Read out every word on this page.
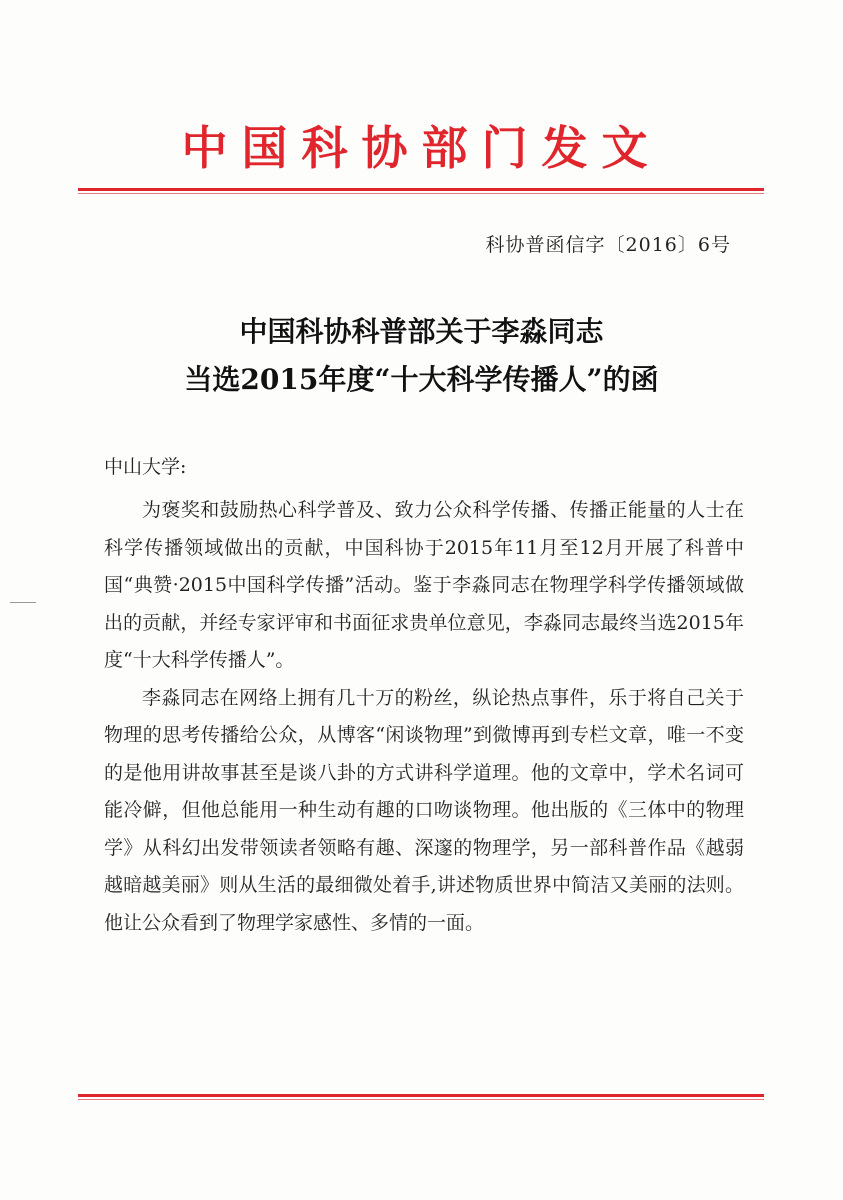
中国科协部门发文
科协普函信字〔2016〕6号
中国科协科普部关于李淼同志
当选2015年度“十大科学传播人”的函
中山大学:

为褒奖和鼓励热心科学普及、致力公众科学传播、传播正能量的人士在科学传播领域做出的贡献，中国科协于2015年11月至12月开展了科普中国“典赞·2015中国科学传播”活动。鉴于李淼同志在物理学科学传播领域做出的贡献，并经专家评审和书面征求贵单位意见，李淼同志最终当选2015年度“十大科学传播人”。

李淼同志在网络上拥有几十万的粉丝，纵论热点事件，乐于将自己关于物理的思考传播给公众，从博客“闲谈物理”到微博再到专栏文章，唯一不变的是他用讲故事甚至是谈八卦的方式讲科学道理。他的文章中，学术名词可能冷僻，但他总能用一种生动有趣的口吻谈物理。他出版的《三体中的物理学》从科幻出发带领读者领略有趣、深邃的物理学，另一部科普作品《越弱越暗越美丽》则从生活的最细微处着手,讲述物质世界中简洁又美丽的法则。他让公众看到了物理学家感性、多情的一面。
